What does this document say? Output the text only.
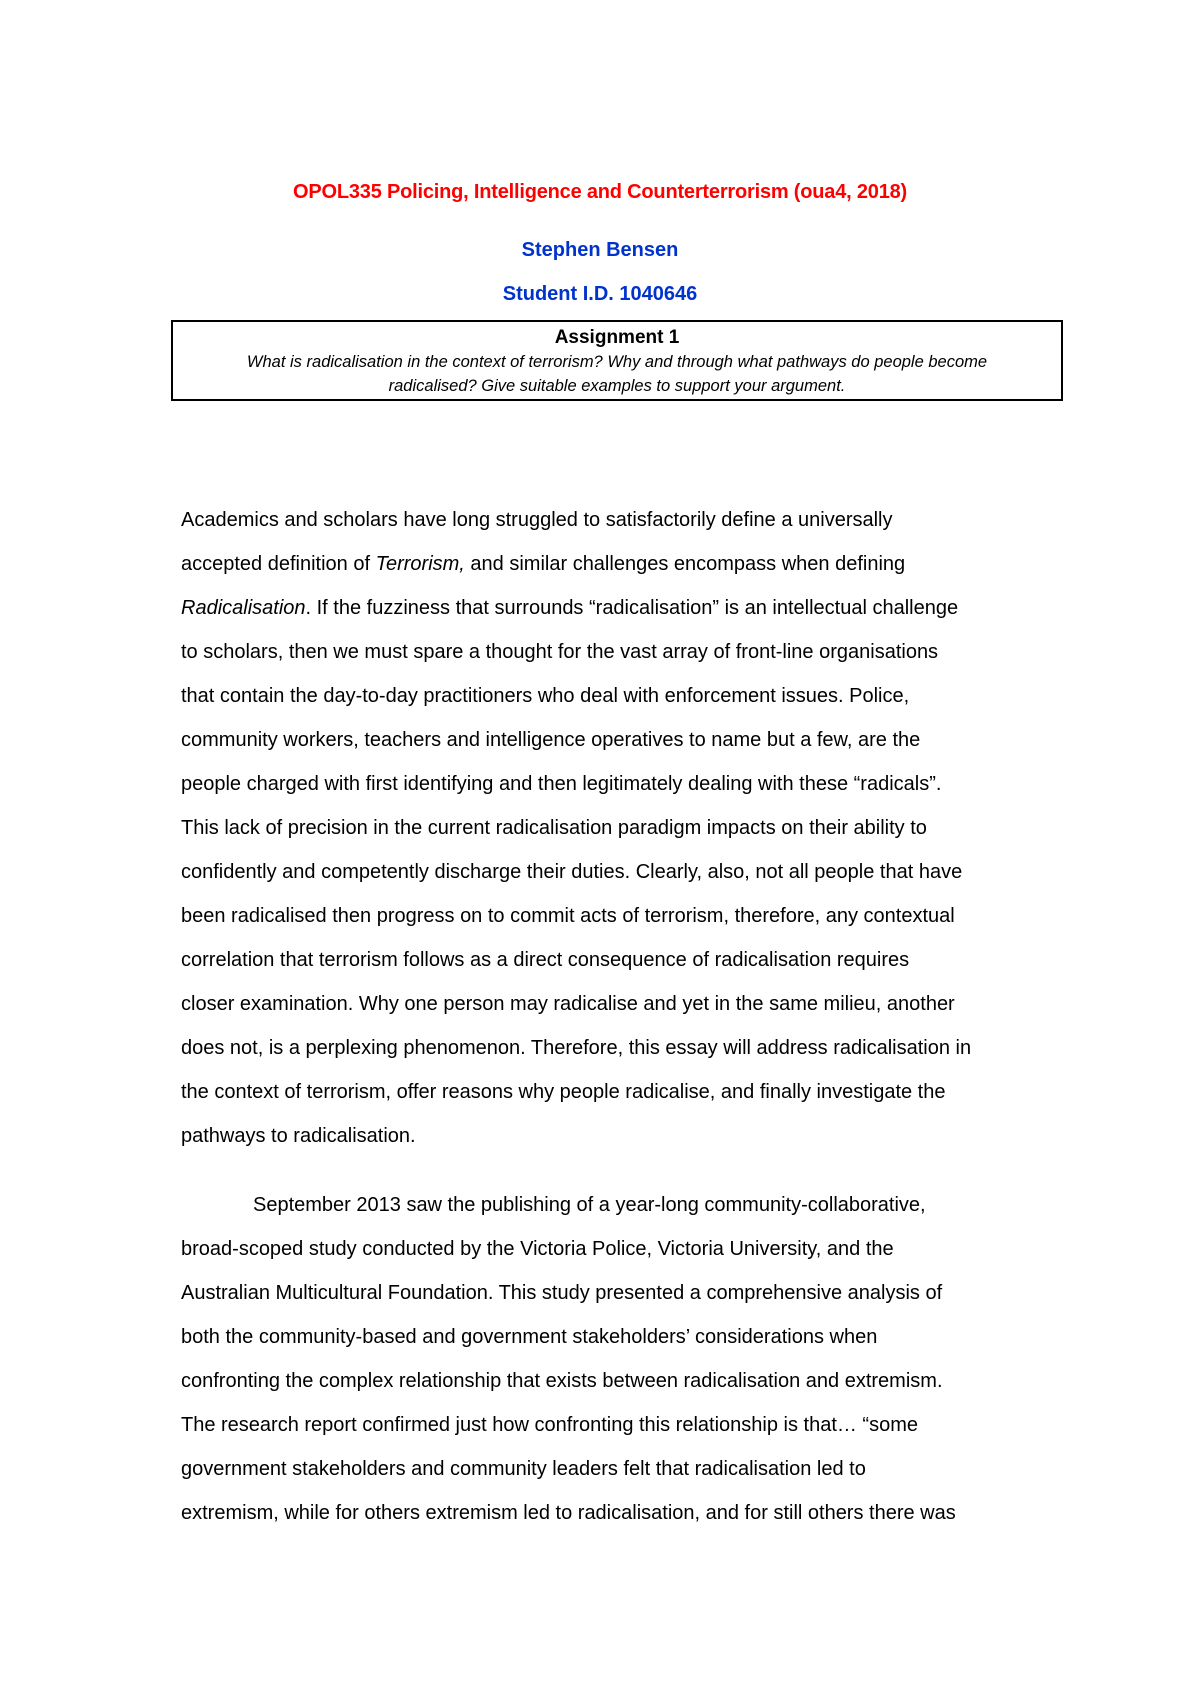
OPOL335 Policing, Intelligence and Counterterrorism (oua4, 2018)
Stephen Bensen
Student I.D. 1040646
Assignment 1
What is radicalisation in the context of terrorism? Why and through what pathways do people become
radicalised? Give suitable examples to support your argument.
Academics and scholars have long struggled to satisfactorily define a universally
accepted definition of Terrorism, and similar challenges encompass when defining
Radicalisation. If the fuzziness that surrounds “radicalisation” is an intellectual challenge
to scholars, then we must spare a thought for the vast array of front-line organisations
that contain the day-to-day practitioners who deal with enforcement issues. Police,
community workers, teachers and intelligence operatives to name but a few, are the
people charged with first identifying and then legitimately dealing with these “radicals”.
This lack of precision in the current radicalisation paradigm impacts on their ability to
confidently and competently discharge their duties. Clearly, also, not all people that have
been radicalised then progress on to commit acts of terrorism, therefore, any contextual
correlation that terrorism follows as a direct consequence of radicalisation requires
closer examination. Why one person may radicalise and yet in the same milieu, another
does not, is a perplexing phenomenon. Therefore, this essay will address radicalisation in
the context of terrorism, offer reasons why people radicalise, and finally investigate the
pathways to radicalisation.
September 2013 saw the publishing of a year-long community-collaborative,
broad-scoped study conducted by the Victoria Police, Victoria University, and the
Australian Multicultural Foundation. This study presented a comprehensive analysis of
both the community-based and government stakeholders’ considerations when
confronting the complex relationship that exists between radicalisation and extremism.
The research report confirmed just how confronting this relationship is that… “some
government stakeholders and community leaders felt that radicalisation led to
extremism, while for others extremism led to radicalisation, and for still others there was
